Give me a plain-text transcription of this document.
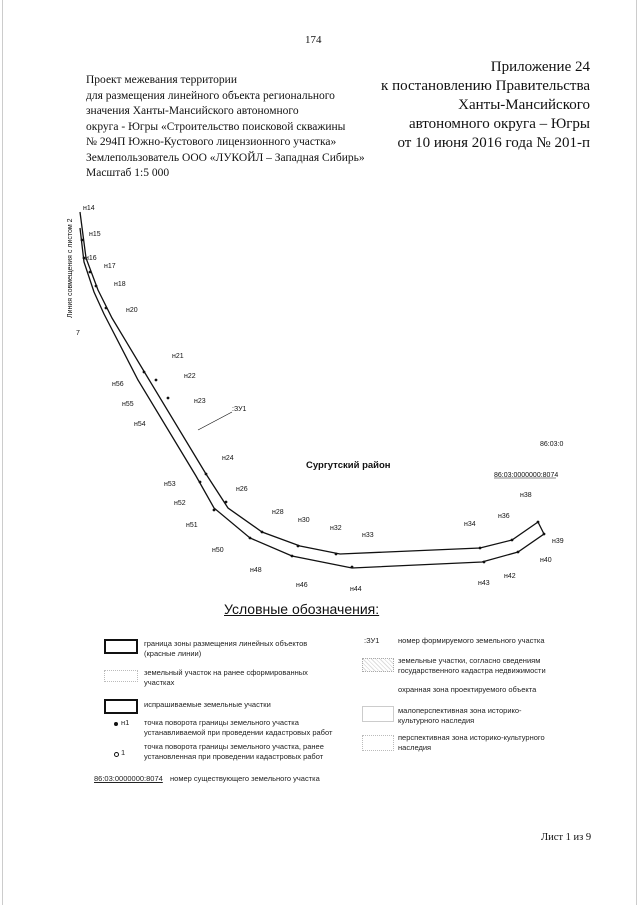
174
Приложение 24
к постановлению Правительства
Ханты-Мансийского
автономного округа – Югры
от 10 июня 2016 года № 201-п
Проект межевания территории
для размещения линейного объекта регионального
значения Ханты-Мансийского автономного
округа - Югры «Строительство поисковой скважины
№ 294П Южно-Кустового лицензионного участка»
Землепользователь ООО «ЛУКОЙЛ – Западная Сибирь»
Масштаб 1:5 000
Линия совмещения с листом 2
н14
н15
н16
н17
н18
н20
7
н21
н22
н56
н55	н23
:ЗУ1
н54
86:03:0
н24
Сургутский район
86:03:0000000:8074
н53
н26
н52
н38
н28
н51
н30
н36
н32
н34
н33
н39
н50
н40
н48
н42
н46
н44
н43
Условные обозначения:
граница зоны размещения линейных объектов (красные линии)
земельный участок на ранее сформированных участках
испрашиваемые земельные участки
н1 точка поворота границы земельного участка устанавливаемой при проведении кадастровых работ
1
точка поворота границы земельного участка, ранее установленная при проведении кадастровых работ
86:03:0000000:8074 номер существующего земельного участка
:ЗУ1 номер формируемого земельного участка
земельные участки, согласно сведениям государственного кадастра недвижимости
охранная зона проектируемого объекта
малоперспективная зона историко-культурного наследия
перспективная зона историко-культурного наследия
Лист 1 из 9
